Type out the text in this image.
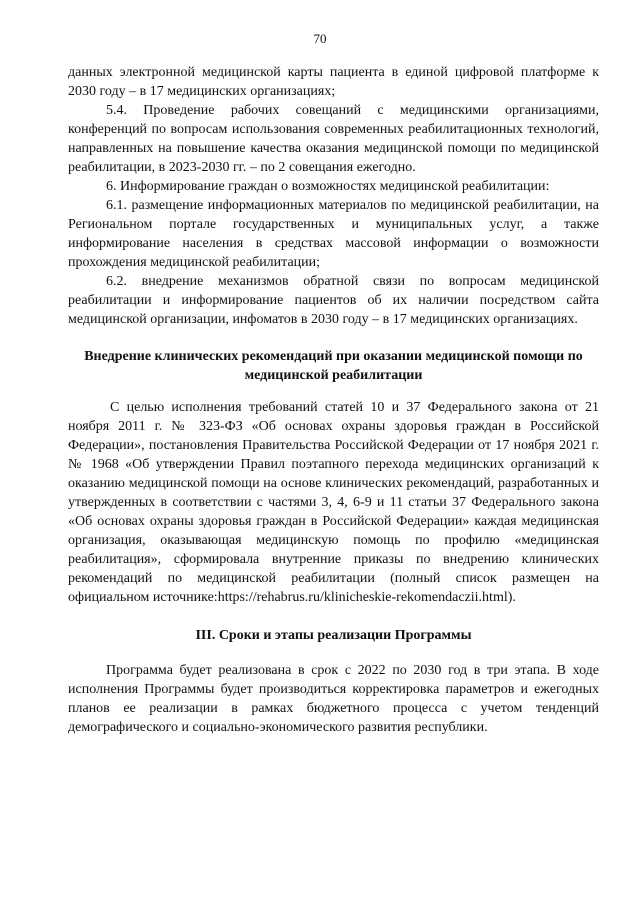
70

данных электронной медицинской карты пациента в единой цифровой платформе к 2030 году – в 17 медицинских организациях;

5.4. Проведение рабочих совещаний с медицинскими организациями, конференций по вопросам использования современных реабилитационных технологий, направленных на повышение качества оказания медицинской помощи по медицинской реабилитации, в 2023-2030 гг. – по 2 совещания ежегодно.

6. Информирование граждан о возможностях медицинской реабилитации:

6.1. размещение информационных материалов по медицинской реабилитации, на Региональном портале государственных и муниципальных услуг, а также информирование населения в средствах массовой информации о возможности прохождения медицинской реабилитации;

6.2. внедрение механизмов обратной связи по вопросам медицинской реабилитации и информирование пациентов об их наличии посредством сайта медицинской организации, инфоматов в 2030 году – в 17 медицинских организациях.

Внедрение клинических рекомендаций при оказании медицинской помощи по медицинской реабилитации

С целью исполнения требований статей 10 и 37 Федерального закона от 21 ноября 2011 г. № 323-ФЗ «Об основах охраны здоровья граждан в Российской Федерации», постановления Правительства Российской Федерации от 17 ноября 2021 г. № 1968 «Об утверждении Правил поэтапного перехода медицинских организаций к оказанию медицинской помощи на основе клинических рекомендаций, разработанных и утвержденных в соответствии с частями 3, 4, 6-9 и 11 статьи 37 Федерального закона «Об основах охраны здоровья граждан в Российской Федерации» каждая медицинская организация, оказывающая медицинскую помощь по профилю «медицинская реабилитация», сформировала внутренние приказы по внедрению клинических рекомендаций по медицинской реабилитации (полный список размещен на официальном источнике:https://rehabrus.ru/klinicheskie-rekomendaczii.html).

III. Сроки и этапы реализации Программы

Программа будет реализована в срок с 2022 по 2030 год в три этапа. В ходе исполнения Программы будет производиться корректировка параметров и ежегодных планов ее реализации в рамках бюджетного процесса с учетом тенденций демографического и социально-экономического развития республики.
